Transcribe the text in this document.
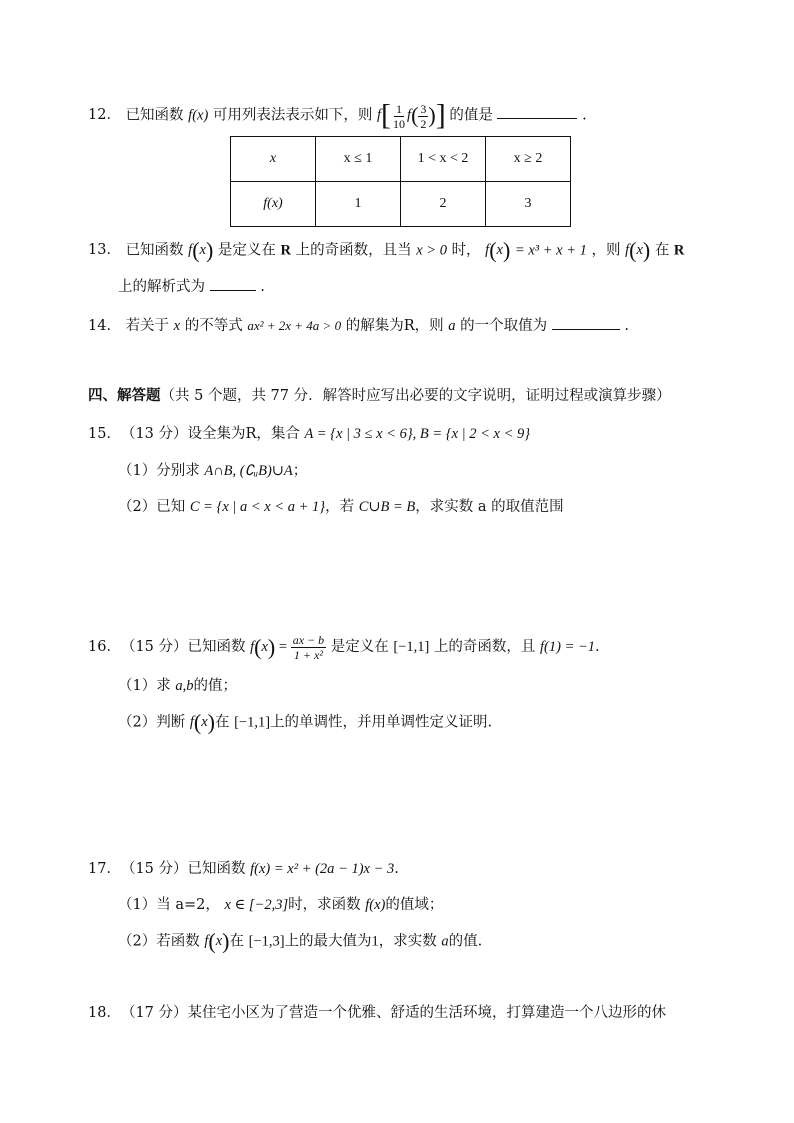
12． 已知函数 f(x) 可用列表法表示如下，则 $f[ \frac{1}{10} f( \frac{3}{2}$ )] 的值是	.
x	x ≤ 1	1 < x < 2	x ≥ 2
f(x)	1	2	3
13． 已知函数 f(x) 是定义在 R 上的奇函数，且当 x > 0 时， f(x) = x³ + x + 1 ，则 f(x) 在 R
上的解析式为	.
14． 若关于 x 的不等式 ax² + 2x + 4a > 0 的解集为R，则 a 的一个取值为	.
四、解答题（共 5 个题，共 77 分．解答时应写出必要的文字说明，证明过程或演算步骤）
15．（13 分）设全集为R，集合 A = {x | 3 ≤ x < 6}, B = {x | 2 < x < 9}
（1）分别求 A∩B, (∁ᵤB)∪A；
（2）已知 C = {x | a < x < a + 1}，若 C∪B = B，求实数 a 的取值范围
16．（15 分）已知函数 $f(x) = \frac{ax - b}{\text{1 + x²}}$ 是定义在 [−1,1] 上的奇函数，且 f(1) = −1.
（1）求 a,b的值；
（2）判断 f(x)在 [−1,1]上的单调性，并用单调性定义证明.
17．（15 分）已知函数 f(x) = x² + (2a − 1)x − 3.
（1）当 a=2， x ∈ [−2,3]时，求函数 f(x)的值域；
（2）若函数 f(x)在 [−1,3]上的最大值为1，求实数 a的值.
18．（17 分）某住宅小区为了营造一个优雅、舒适的生活环境，打算建造一个八边形的休
